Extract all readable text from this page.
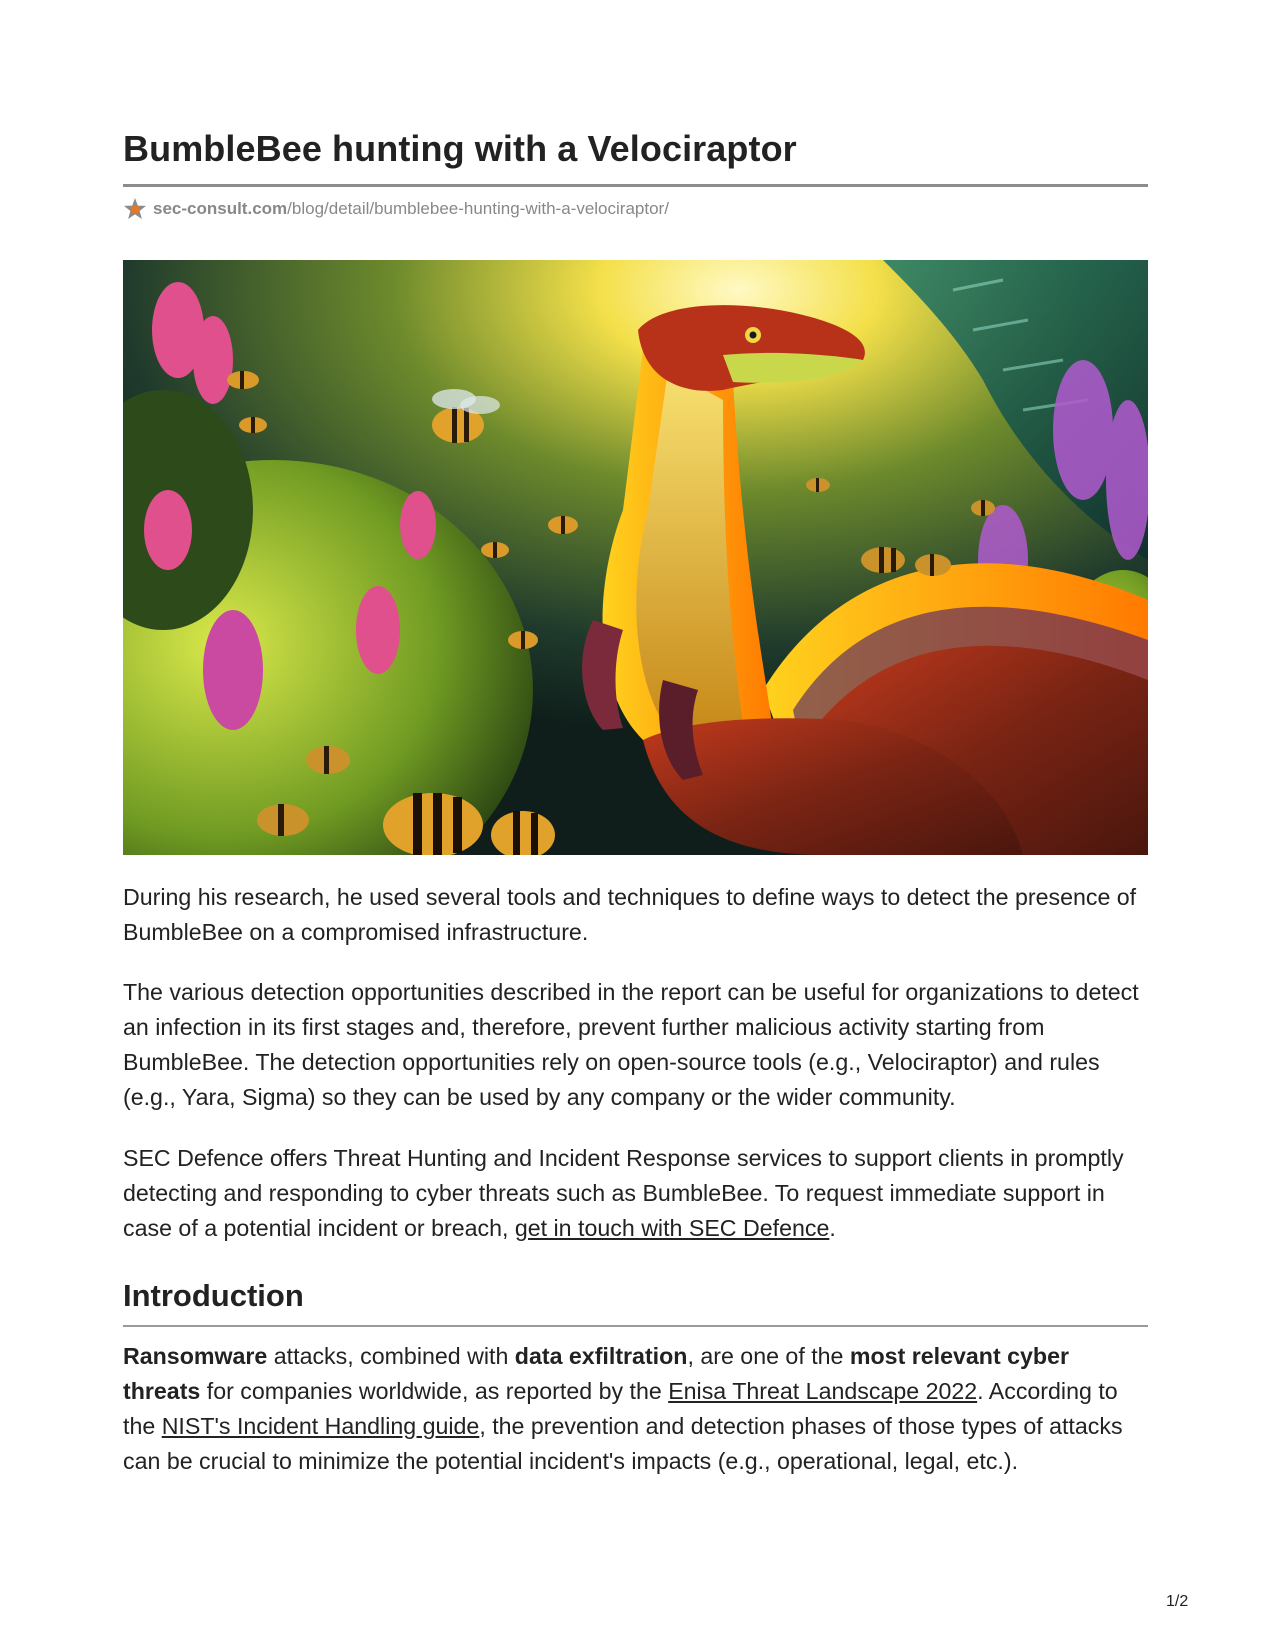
BumbleBee hunting with a Velociraptor
sec-consult.com /blog/detail/bumblebee-hunting-with-a-velociraptor/

During his research, he used several tools and techniques to define ways to detect the presence of BumbleBee on a compromised infrastructure.

The various detection opportunities described in the report can be useful for organizations to detect an infection in its first stages and, therefore, prevent further malicious activity starting from BumbleBee. The detection opportunities rely on open-source tools (e.g., Velociraptor) and rules (e.g., Yara, Sigma) so they can be used by any company or the wider community.

SEC Defence offers Threat Hunting and Incident Response services to support clients in promptly detecting and responding to cyber threats such as BumbleBee. To request immediate support in case of a potential incident or breach, get in touch with SEC Defence.

Introduction

Ransomware attacks, combined with data exfiltration, are one of the most relevant cyber threats for companies worldwide, as reported by the Enisa Threat Landscape 2022. According to the NIST's Incident Handling guide, the prevention and detection phases of those types of attacks can be crucial to minimize the potential incident's impacts (e.g., operational, legal, etc.).

1/2
